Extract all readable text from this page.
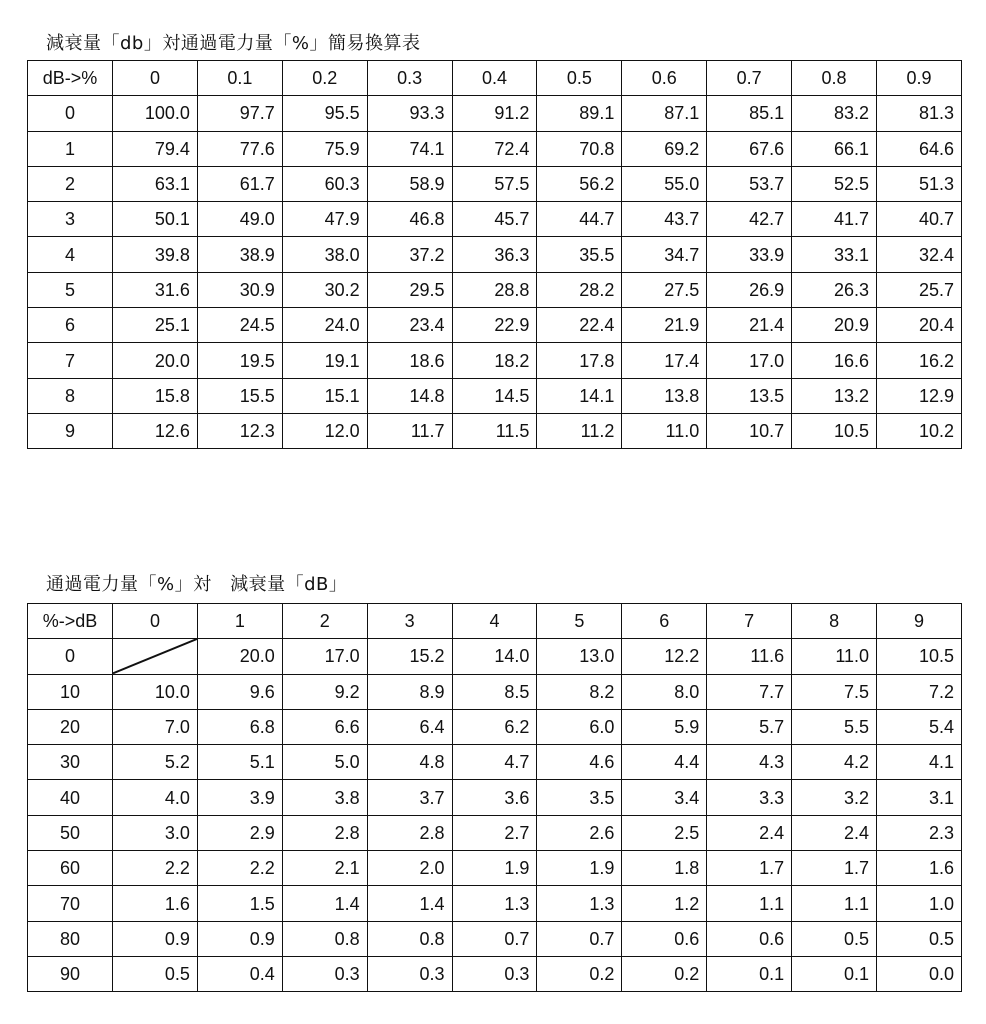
減衰量「db」対通過電力量「%」簡易換算表
dB->%	0	0.1	0.2	0.3	0.4	0.5	0.6	0.7	0.8	0.9
0	100.0	97.7	95.5	93.3	91.2	89.1	87.1	85.1	83.2	81.3
1	79.4	77.6	75.9	74.1	72.4	70.8	69.2	67.6	66.1	64.6
2	63.1	61.7	60.3	58.9	57.5	56.2	55.0	53.7	52.5	51.3
3	50.1	49.0	47.9	46.8	45.7	44.7	43.7	42.7	41.7	40.7
4	39.8	38.9	38.0	37.2	36.3	35.5	34.7	33.9	33.1	32.4
5	31.6	30.9	30.2	29.5	28.8	28.2	27.5	26.9	26.3	25.7
6	25.1	24.5	24.0	23.4	22.9	22.4	21.9	21.4	20.9	20.4
7	20.0	19.5	19.1	18.6	18.2	17.8	17.4	17.0	16.6	16.2
8	15.8	15.5	15.1	14.8	14.5	14.1	13.8	13.5	13.2	12.9
9	12.6	12.3	12.0	11.7	11.5	11.2	11.0	10.7	10.5	10.2
通過電力量「%」対　減衰量「dB」
%->dB	0	1	2	3	4	5	6	7	8	9
0		20.0	17.0	15.2	14.0	13.0	12.2	11.6	11.0	10.5
10	10.0	9.6	9.2	8.9	8.5	8.2	8.0	7.7	7.5	7.2
20	7.0	6.8	6.6	6.4	6.2	6.0	5.9	5.7	5.5	5.4
30	5.2	5.1	5.0	4.8	4.7	4.6	4.4	4.3	4.2	4.1
40	4.0	3.9	3.8	3.7	3.6	3.5	3.4	3.3	3.2	3.1
50	3.0	2.9	2.8	2.8	2.7	2.6	2.5	2.4	2.4	2.3
60	2.2	2.2	2.1	2.0	1.9	1.9	1.8	1.7	1.7	1.6
70	1.6	1.5	1.4	1.4	1.3	1.3	1.2	1.1	1.1	1.0
80	0.9	0.9	0.8	0.8	0.7	0.7	0.6	0.6	0.5	0.5
90	0.5	0.4	0.3	0.3	0.3	0.2	0.2	0.1	0.1	0.0
